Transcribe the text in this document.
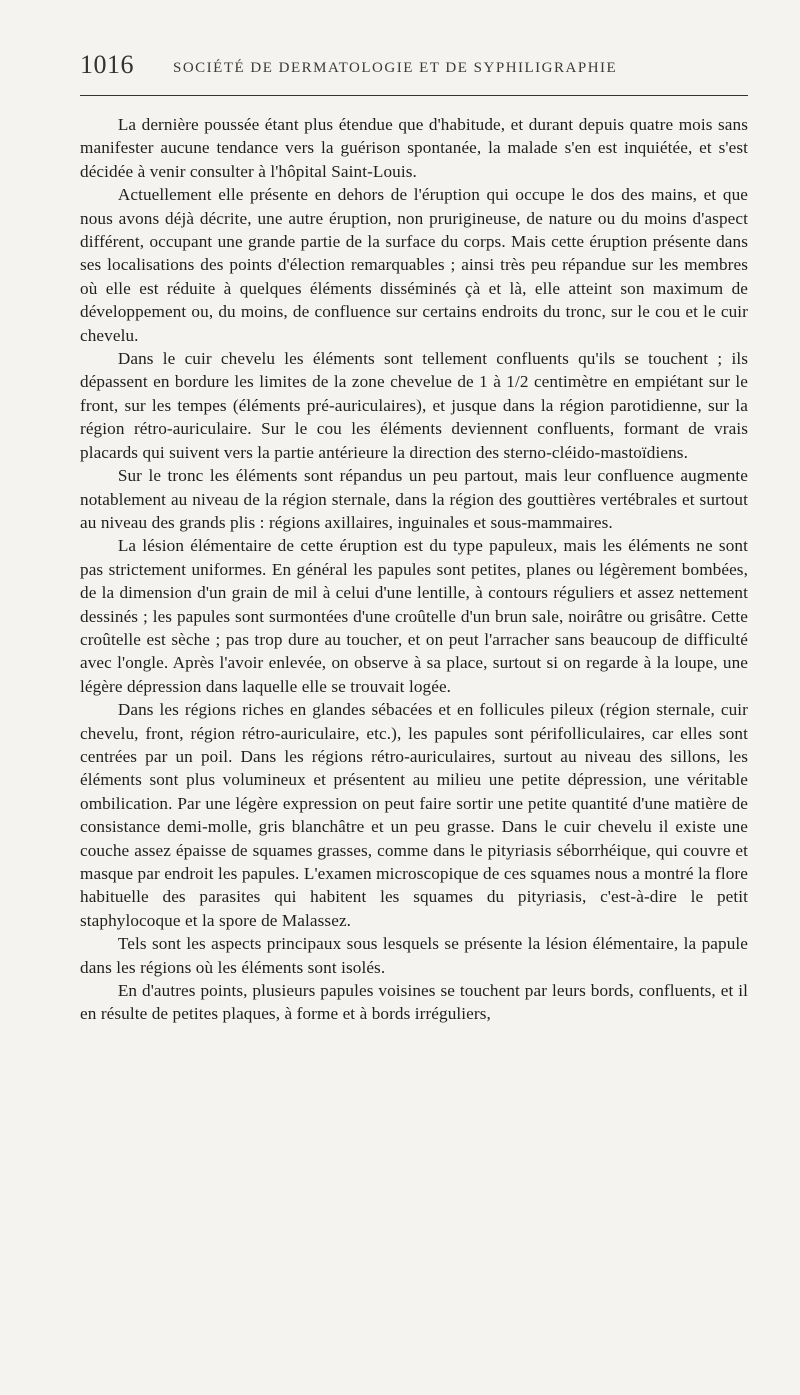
1016	SOCIÉTÉ DE DERMATOLOGIE ET DE SYPHILIGRAPHIE

La dernière poussée étant plus étendue que d'habitude, et durant depuis quatre mois sans manifester aucune tendance vers la guérison spontanée, la malade s'en est inquiétée, et s'est décidée à venir consulter à l'hôpital Saint-Louis.

Actuellement elle présente en dehors de l'éruption qui occupe le dos des mains, et que nous avons déjà décrite, une autre éruption, non prurigineuse, de nature ou du moins d'aspect différent, occupant une grande partie de la surface du corps. Mais cette éruption présente dans ses localisations des points d'élection remarquables ; ainsi très peu répandue sur les membres où elle est réduite à quelques éléments disséminés çà et là, elle atteint son maximum de développement ou, du moins, de confluence sur certains endroits du tronc, sur le cou et le cuir chevelu.

Dans le cuir chevelu les éléments sont tellement confluents qu'ils se touchent ; ils dépassent en bordure les limites de la zone chevelue de 1 à 1/2 centimètre en empiétant sur le front, sur les tempes (éléments pré-auriculaires), et jusque dans la région parotidienne, sur la région rétro-auriculaire. Sur le cou les éléments deviennent confluents, formant de vrais placards qui suivent vers la partie antérieure la direction des sterno-cléido-mastoïdiens.

Sur le tronc les éléments sont répandus un peu partout, mais leur confluence augmente notablement au niveau de la région sternale, dans la région des gouttières vertébrales et surtout au niveau des grands plis : régions axillaires, inguinales et sous-mammaires.

La lésion élémentaire de cette éruption est du type papuleux, mais les éléments ne sont pas strictement uniformes. En général les papules sont petites, planes ou légèrement bombées, de la dimension d'un grain de mil à celui d'une lentille, à contours réguliers et assez nettement dessinés ; les papules sont surmontées d'une croûtelle d'un brun sale, noirâtre ou grisâtre. Cette croûtelle est sèche ; pas trop dure au toucher, et on peut l'arracher sans beaucoup de difficulté avec l'ongle. Après l'avoir enlevée, on observe à sa place, surtout si on regarde à la loupe, une légère dépression dans laquelle elle se trouvait logée.

Dans les régions riches en glandes sébacées et en follicules pileux (région sternale, cuir chevelu, front, région rétro-auriculaire, etc.), les papules sont périfolliculaires, car elles sont centrées par un poil. Dans les régions rétro-auriculaires, surtout au niveau des sillons, les éléments sont plus volumineux et présentent au milieu une petite dépression, une véritable ombilication. Par une légère expression on peut faire sortir une petite quantité d'une matière de consistance demi-molle, gris blanchâtre et un peu grasse. Dans le cuir chevelu il existe une couche assez épaisse de squames grasses, comme dans le pityriasis séborrhéique, qui couvre et masque par endroit les papules. L'examen microscopique de ces squames nous a montré la flore habituelle des parasites qui habitent les squames du pityriasis, c'est-à-dire le petit staphylocoque et la spore de Malassez.

Tels sont les aspects principaux sous lesquels se présente la lésion élémentaire, la papule dans les régions où les éléments sont isolés.

En d'autres points, plusieurs papules voisines se touchent par leurs bords, confluents, et il en résulte de petites plaques, à forme et à bords irréguliers,
